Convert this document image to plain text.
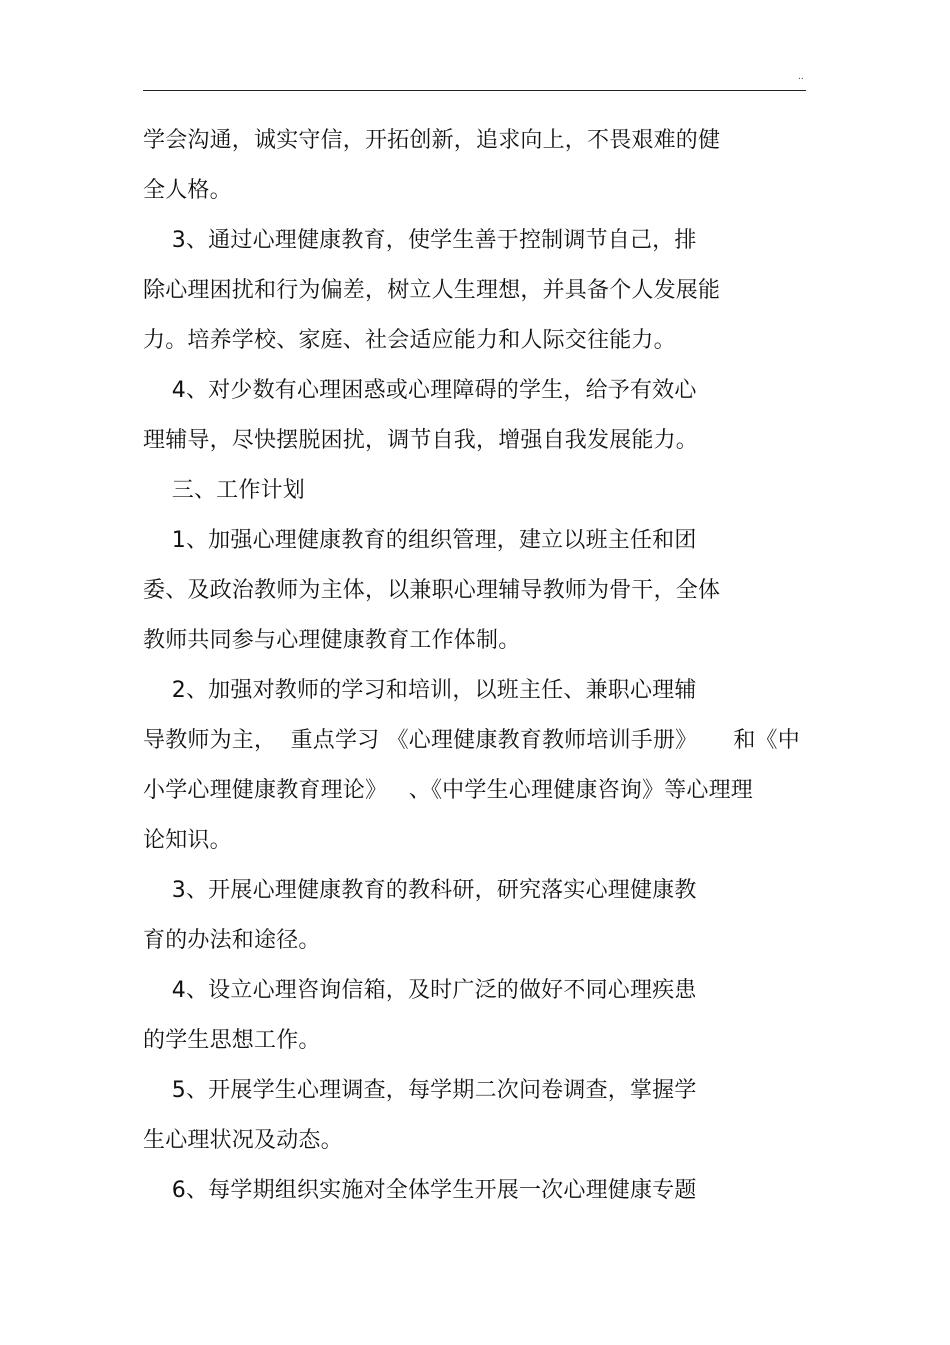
..
学会沟通，诚实守信，开拓创新，追求向上，不畏艰难的健
全人格。
3、通过心理健康教育，使学生善于控制调节自己，排
除心理困扰和行为偏差，树立人生理想，并具备个人发展能
力。培养学校、家庭、社会适应能力和人际交往能力。
4、对少数有心理困惑或心理障碍的学生，给予有效心
理辅导，尽快摆脱困扰，调节自我，增强自我发展能力。
三、工作计划
1、加强心理健康教育的组织管理，建立以班主任和团
委、及政治教师为主体，以兼职心理辅导教师为骨干，全体
教师共同参与心理健康教育工作体制。
2、加强对教师的学习和培训，以班主任、兼职心理辅
导教师为主，  重点学习 《心理健康教育教师培训手册》     和《中
小学心理健康教育理论》   、《中学生心理健康咨询》等心理理
论知识。
3、开展心理健康教育的教科研，研究落实心理健康教
育的办法和途径。
4、设立心理咨询信箱，及时广泛的做好不同心理疾患
的学生思想工作。
5、开展学生心理调查，每学期二次问卷调查，掌握学
生心理状况及动态。
6、每学期组织实施对全体学生开展一次心理健康专题
